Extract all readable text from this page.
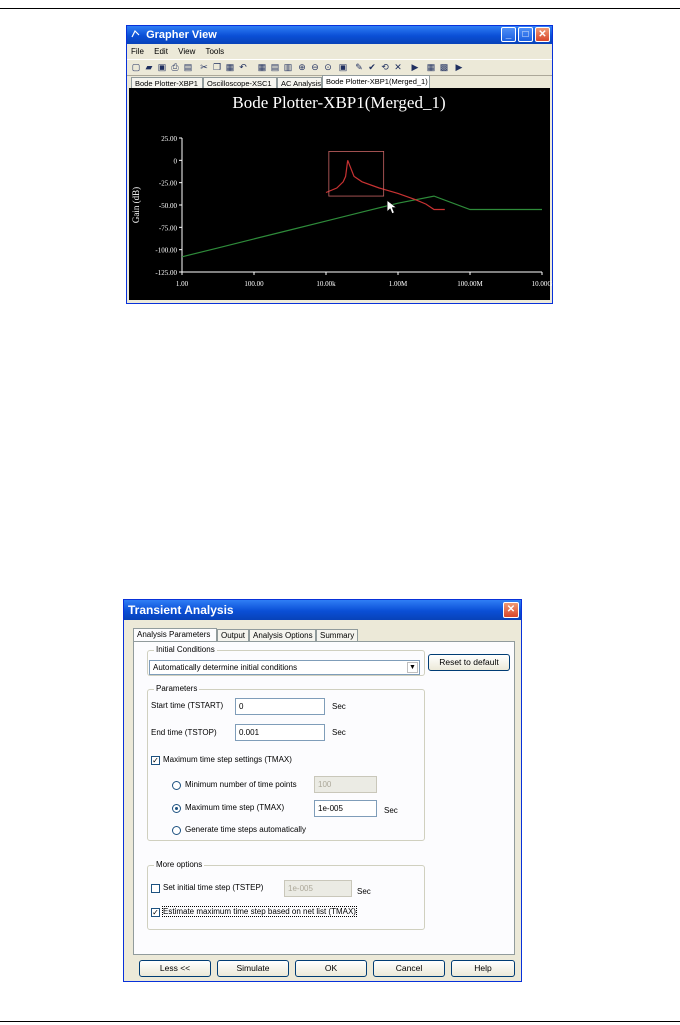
Grapher View	_	□ ✕
File Edit View Tools
▢ ▰ ▣ ⎙ ▤ ✂ ❐ ▦ ↶ ▦ ▤ ▥ ⊕ ⊖ ⊙ ▣ ✎ ✔ ⟲ ✕ ▶ ▦ ▩ ▶
Bode Plotter-XBP1	Oscilloscope-XSC1	AC Analysis Bode Plotter-XBP1(Merged_1)
Bode Plotter-XBP1(Merged_1)
25.00
0
-25.00
-50.00
-75.00
-100.00
-125.00
1.00	100.00	10.00k	1.00M	100.00M	10.00G
Gain (dB)
Transient Analysis	✕
Analysis Parameters	Output Analysis Options Summary
Initial Conditions
Automatically determine initial conditions	▼
Reset to default
Parameters
Start time (TSTART)	0	Sec
End time (TSTOP)	0.001	Sec
✓ Maximum time step settings (TMAX)
Minimum number of time points	100
Maximum time step (TMAX)	1e-005	Sec
Generate time steps automatically
More options
Set initial time step (TSTEP)	1e-005	Sec
✓ Estimate maximum time step based on net list (TMAX)
Less <<	Simulate	OK	Cancel	Help
